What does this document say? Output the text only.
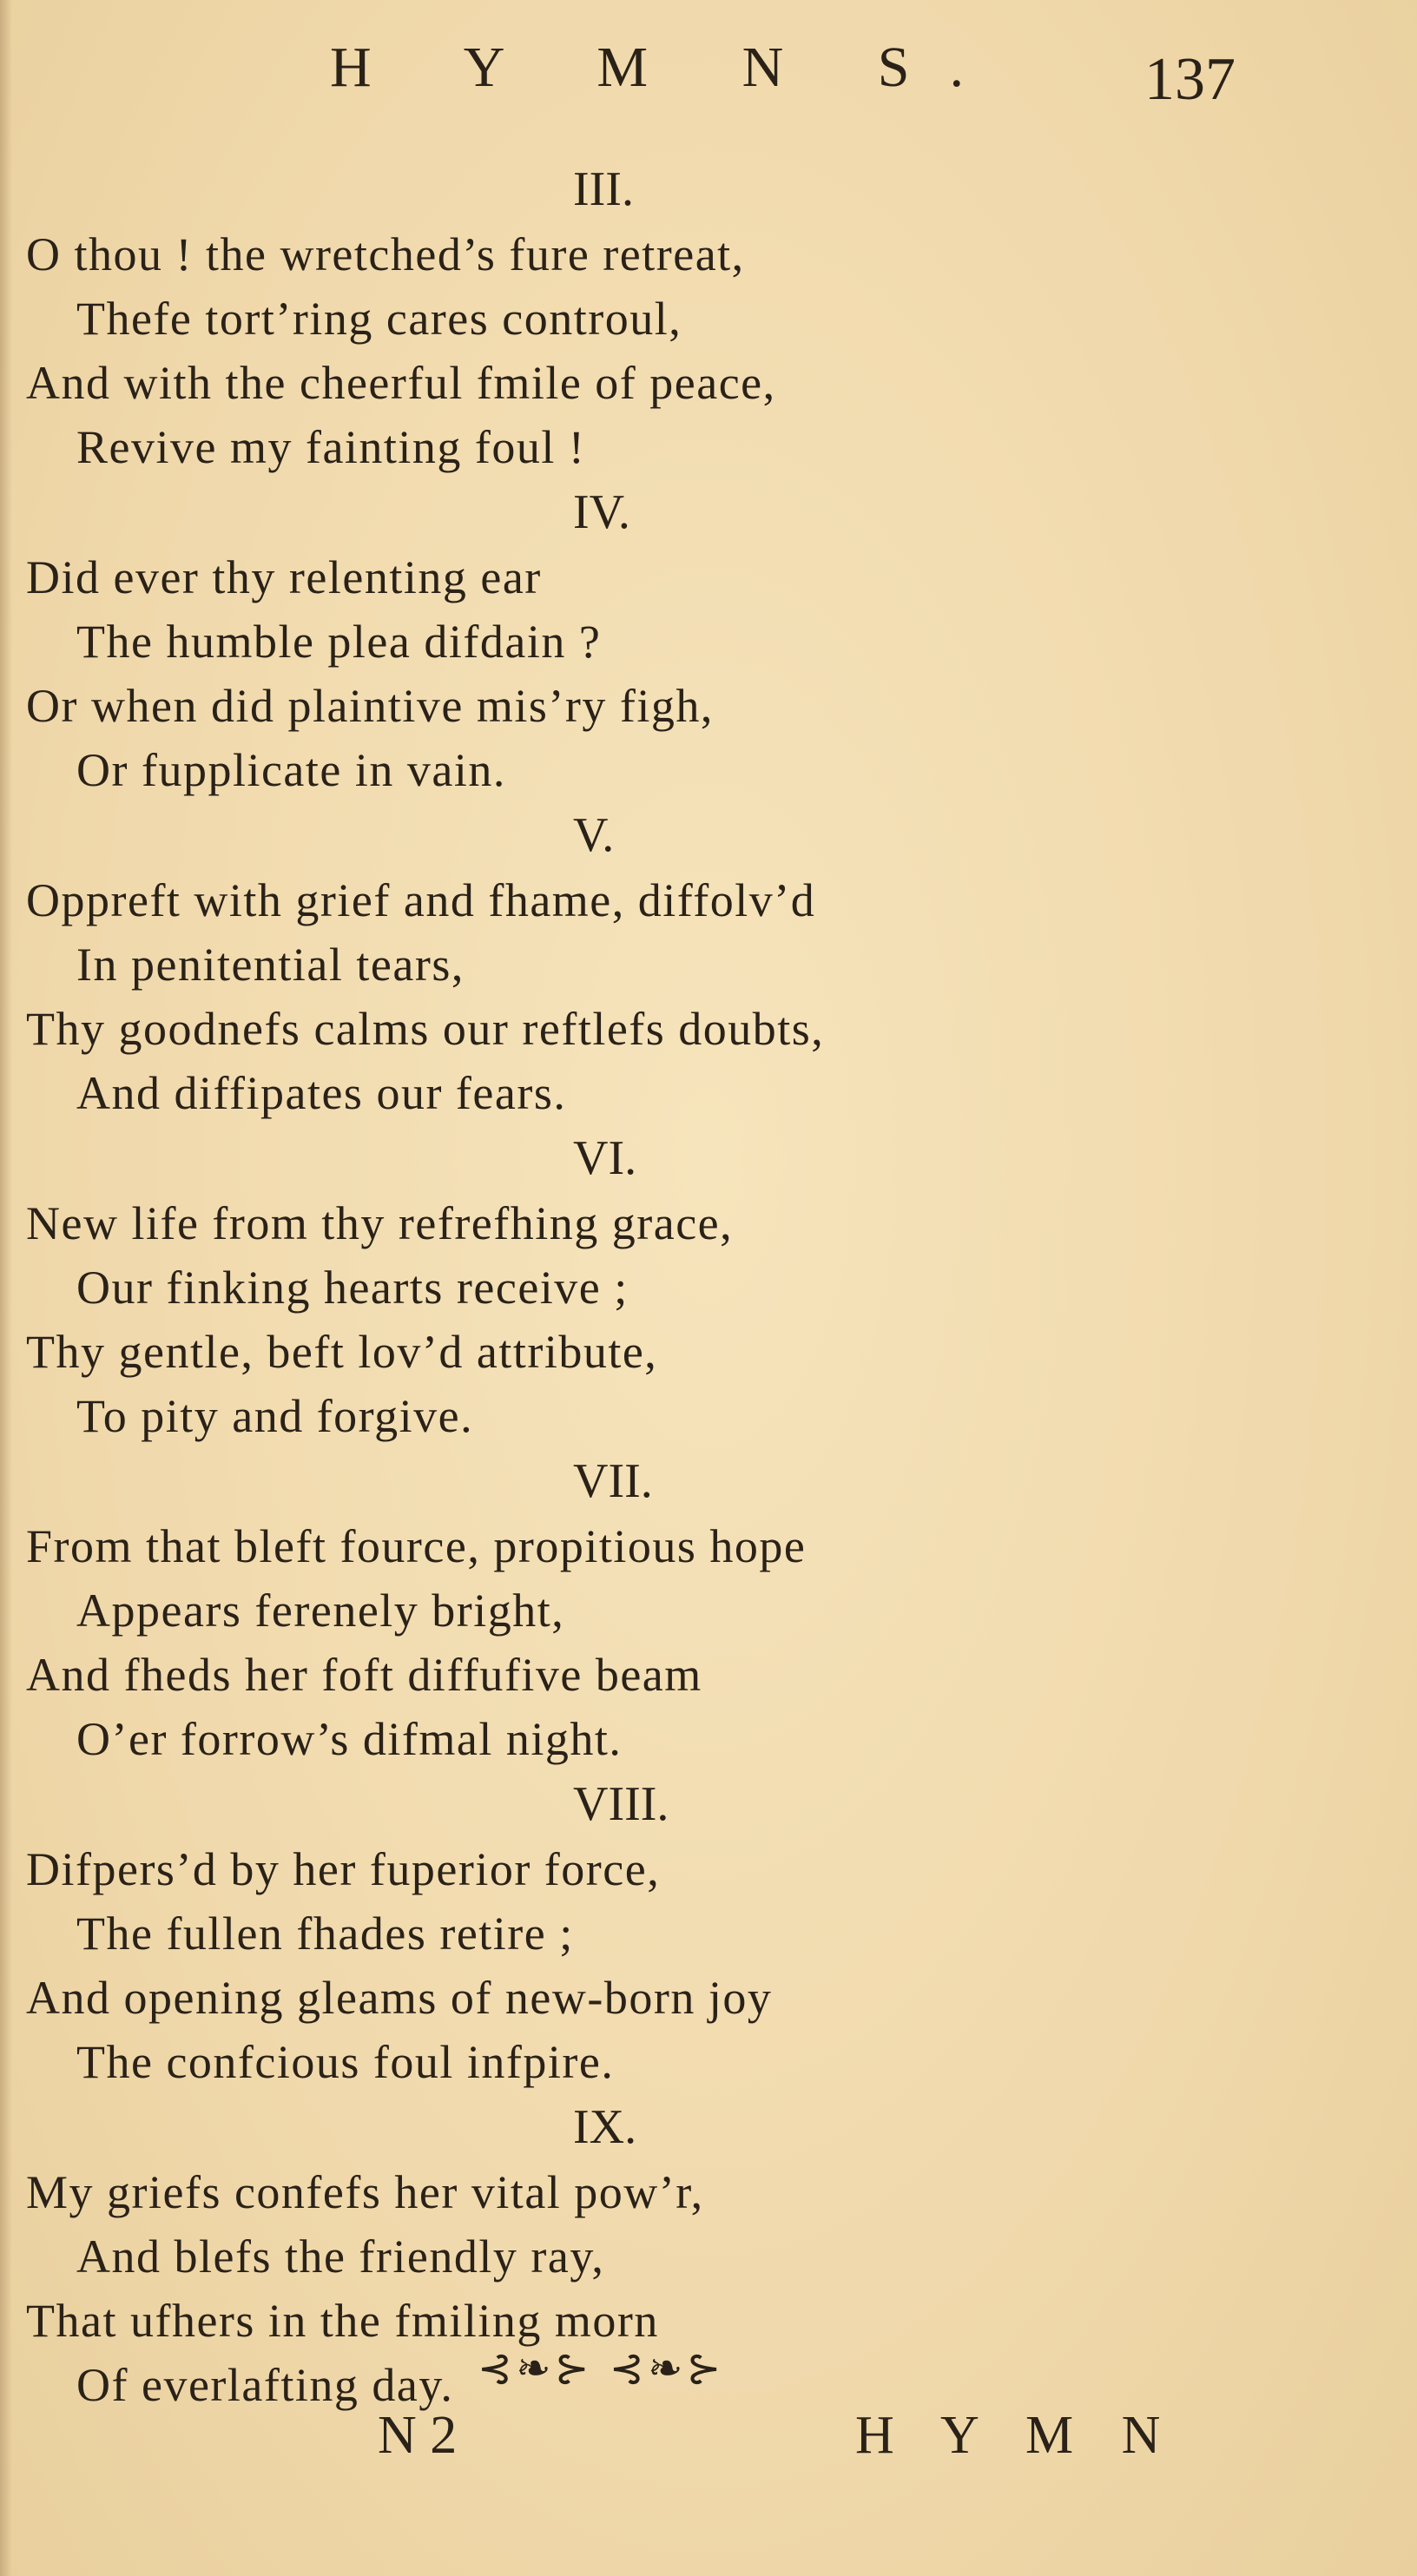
H Y M N S. 137
III.
O thou ! the wretched’s fure retreat,
Thefe tort’ring cares controul,
And with the cheerful fmile of peace,
Revive my fainting foul !
IV.
Did ever thy relenting ear
The humble plea difdain ?
Or when did plaintive mis’ry figh,
Or fupplicate in vain.
V.
Oppreft with grief and fhame, diffolv’d
In penitential tears,
Thy goodnefs calms our reftlefs doubts,
And diffipates our fears.
VI.
New life from thy refrefhing grace,
Our finking hearts receive ;
Thy gentle, beft lov’d attribute,
To pity and forgive.
VII.
From that bleft fource, propitious hope
Appears ferenely bright,
And fheds her foft diffufive beam
O’er forrow’s difmal night.
VIII.
Difpers’d by her fuperior force,
The fullen fhades retire ;
And opening gleams of new-born joy
The confcious foul infpire.
IX.
My griefs confefs her vital pow’r,
And blefs the friendly ray,
That ufhers in the fmiling morn
Of everlafting day. ⊰❧⊱ ⊰❧⊱
N 2	H Y M N
